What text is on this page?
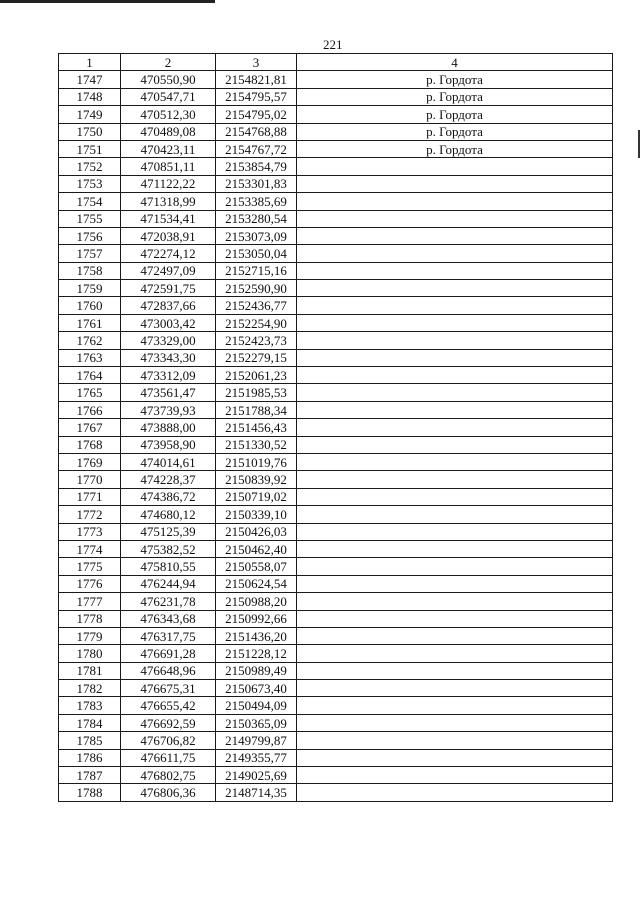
221
1	2	3	4
1747	470550,90	2154821,81	р. Гордота
1748	470547,71	2154795,57	р. Гордота
1749	470512,30	2154795,02	р. Гордота
1750	470489,08	2154768,88	р. Гордота
1751	470423,11	2154767,72	р. Гордота
1752	470851,11	2153854,79	
1753	471122,22	2153301,83	
1754	471318,99	2153385,69	
1755	471534,41	2153280,54	
1756	472038,91	2153073,09	
1757	472274,12	2153050,04	
1758	472497,09	2152715,16	
1759	472591,75	2152590,90	
1760	472837,66	2152436,77	
1761	473003,42	2152254,90	
1762	473329,00	2152423,73	
1763	473343,30	2152279,15	
1764	473312,09	2152061,23	
1765	473561,47	2151985,53	
1766	473739,93	2151788,34	
1767	473888,00	2151456,43	
1768	473958,90	2151330,52	
1769	474014,61	2151019,76	
1770	474228,37	2150839,92	
1771	474386,72	2150719,02	
1772	474680,12	2150339,10	
1773	475125,39	2150426,03	
1774	475382,52	2150462,40	
1775	475810,55	2150558,07	
1776	476244,94	2150624,54	
1777	476231,78	2150988,20	
1778	476343,68	2150992,66	
1779	476317,75	2151436,20	
1780	476691,28	2151228,12	
1781	476648,96	2150989,49	
1782	476675,31	2150673,40	
1783	476655,42	2150494,09	
1784	476692,59	2150365,09	
1785	476706,82	2149799,87	
1786	476611,75	2149355,77	
1787	476802,75	2149025,69	
1788	476806,36	2148714,35	
